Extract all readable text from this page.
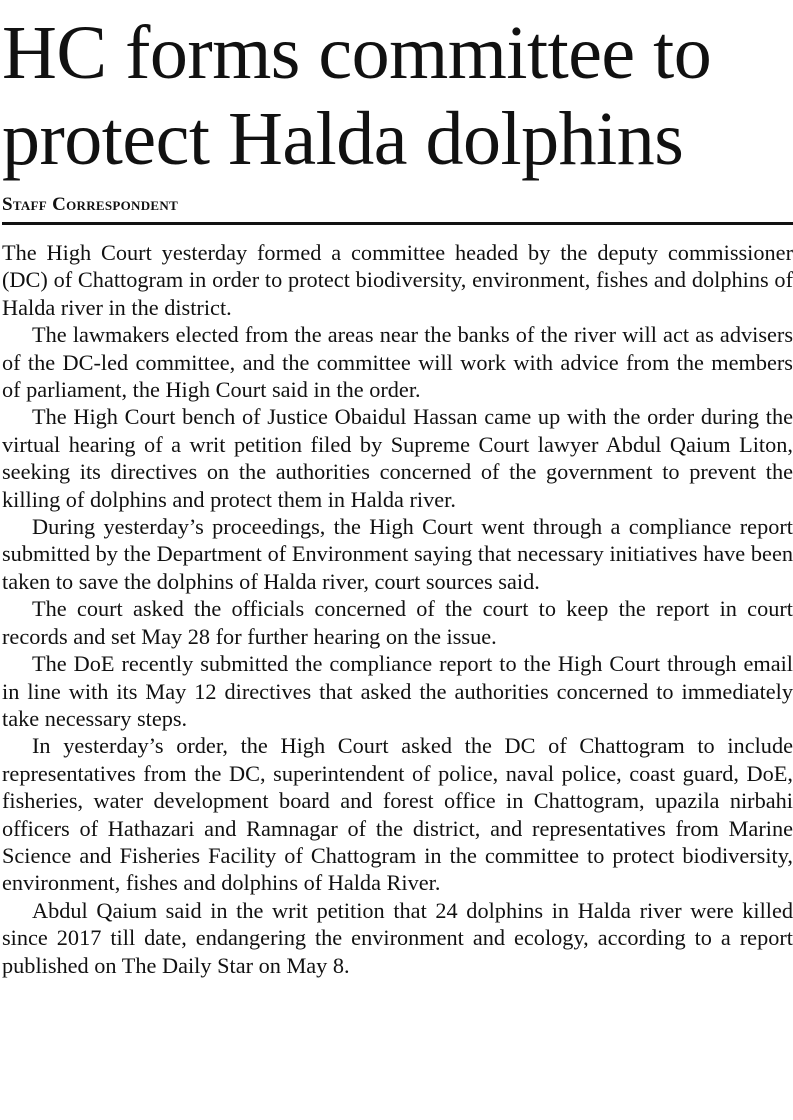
HC forms committee to protect Halda dolphins
Staff Correspondent

The High Court yesterday formed a committee headed by the deputy commissioner (DC) of Chattogram in order to protect biodiversity, environment, fishes and dolphins of Halda river in the district.

The lawmakers elected from the areas near the banks of the river will act as advisers of the DC-led committee, and the committee will work with advice from the members of parliament, the High Court said in the order.

The High Court bench of Justice Obaidul Hassan came up with the order during the virtual hearing of a writ petition filed by Supreme Court lawyer Abdul Qaium Liton, seeking its directives on the authorities concerned of the government to prevent the killing of dolphins and protect them in Halda river.

During yesterday’s proceedings, the High Court went through a compliance report submitted by the Department of Environment saying that necessary initiatives have been taken to save the dolphins of Halda river, court sources said.

The court asked the officials concerned of the court to keep the report in court records and set May 28 for further hearing on the issue.

The DoE recently submitted the compliance report to the High Court through email in line with its May 12 directives that asked the authorities concerned to immediately take necessary steps.

In yesterday’s order, the High Court asked the DC of Chattogram to include representatives from the DC, superintendent of police, naval police, coast guard, DoE, fisheries, water development board and forest office in Chattogram, upazila nirbahi officers of Hathazari and Ramnagar of the district, and representatives from Marine Science and Fisheries Facility of Chattogram in the committee to protect biodiversity, environment, fishes and dolphins of Halda River.

Abdul Qaium said in the writ petition that 24 dolphins in Halda river were killed since 2017 till date, endangering the environment and ecology, according to a report published on The Daily Star on May 8.
